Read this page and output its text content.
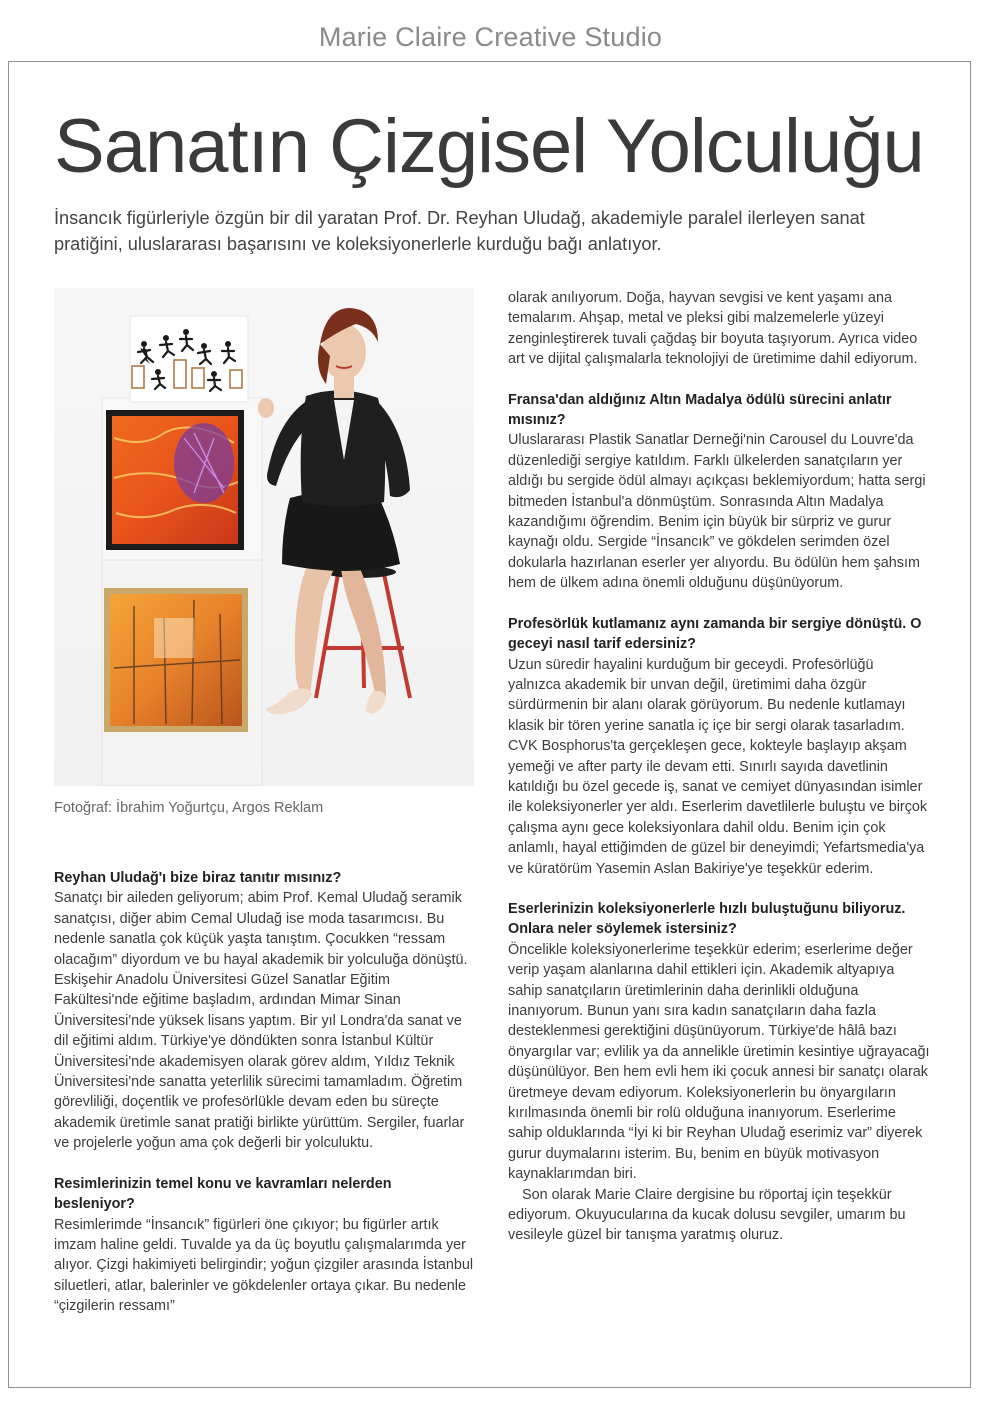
Marie Claire Creative Studio
Sanatın Çizgisel Yolculuğu

İnsancık figürleriyle özgün bir dil yaratan Prof. Dr. Reyhan Uludağ, akademiyle paralel ilerleyen sanat pratiğini, uluslararası başarısını ve koleksiyonerlerle kurduğu bağı anlatıyor.

Fotoğraf: İbrahim Yoğurtçu, Argos Reklam

Reyhan Uludağ'ı bize biraz tanıtır mısınız?

Sanatçı bir aileden geliyorum; abim Prof. Kemal Uludağ seramik sanatçısı, diğer abim Cemal Uludağ ise moda tasarımcısı. Bu nedenle sanatla çok küçük yaşta tanıştım. Çocukken “ressam olacağım” diyordum ve bu hayal akademik bir yolculuğa dönüştü. Eskişehir Anadolu Üniversitesi Güzel Sanatlar Eğitim Fakültesi'nde eğitime başladım, ardından Mimar Sinan Üniversitesi'nde yüksek lisans yaptım. Bir yıl Londra'da sanat ve dil eğitimi aldım. Türkiye'ye döndükten sonra İstanbul Kültür Üniversitesi'nde akademisyen olarak görev aldım, Yıldız Teknik Üniversitesi'nde sanatta yeterlilik sürecimi tamamladım. Öğretim görevliliği, doçentlik ve profesörlükle devam eden bu süreçte akademik üretimle sanat pratiği birlikte yürüttüm. Sergiler, fuarlar ve projelerle yoğun ama çok değerli bir yolculuktu.

Resimlerinizin temel konu ve kavramları nelerden besleniyor?

Resimlerimde “İnsancık” figürleri öne çıkıyor; bu figürler artık imzam haline geldi. Tuvalde ya da üç boyutlu çalışmalarımda yer alıyor. Çizgi hakimiyeti belirgindir; yoğun çizgiler arasında İstanbul siluetleri, atlar, balerinler ve gökdelenler ortaya çıkar. Bu nedenle “çizgilerin ressamı”

olarak anılıyorum. Doğa, hayvan sevgisi ve kent yaşamı ana temalarım. Ahşap, metal ve pleksi gibi malzemelerle yüzeyi zenginleştirerek tuvali çağdaş bir boyuta taşıyorum. Ayrıca video art ve dijital çalışmalarla teknolojiyi de üretimime dahil ediyorum.

Fransa'dan aldığınız Altın Madalya ödülü sürecini anlatır mısınız?

Uluslararası Plastik Sanatlar Derneği'nin Carousel du Louvre'da düzenlediği sergiye katıldım. Farklı ülkelerden sanatçıların yer aldığı bu sergide ödül almayı açıkçası beklemiyordum; hatta sergi bitmeden İstanbul'a dönmüştüm. Sonrasında Altın Madalya kazandığımı öğrendim. Benim için büyük bir sürpriz ve gurur kaynağı oldu. Sergide “İnsancık” ve gökdelen serimden özel dokularla hazırlanan eserler yer alıyordu. Bu ödülün hem şahsım hem de ülkem adına önemli olduğunu düşünüyorum.

Profesörlük kutlamanız aynı zamanda bir sergiye dönüştü. O geceyi nasıl tarif edersiniz?

Uzun süredir hayalini kurduğum bir geceydi. Profesörlüğü yalnızca akademik bir unvan değil, üretimimi daha özgür sürdürmenin bir alanı olarak görüyorum. Bu nedenle kutlamayı klasik bir tören yerine sanatla iç içe bir sergi olarak tasarladım. CVK Bosphorus'ta gerçekleşen gece, kokteyle başlayıp akşam yemeği ve after party ile devam etti. Sınırlı sayıda davetlinin katıldığı bu özel gecede iş, sanat ve cemiyet dünyasından isimler ile koleksiyonerler yer aldı. Eserlerim davetlilerle buluştu ve birçok çalışma aynı gece koleksiyonlara dahil oldu. Benim için çok anlamlı, hayal ettiğimden de güzel bir deneyimdi; Yefartsmedia'ya ve küratörüm Yasemin Aslan Bakiriye'ye teşekkür ederim.

Eserlerinizin koleksiyonerlerle hızlı buluştuğunu biliyoruz. Onlara neler söylemek istersiniz?

Öncelikle koleksiyonerlerime teşekkür ederim; eserlerime değer verip yaşam alanlarına dahil ettikleri için. Akademik altyapıya sahip sanatçıların üretimlerinin daha derinlikli olduğuna inanıyorum. Bunun yanı sıra kadın sanatçıların daha fazla desteklenmesi gerektiğini düşünüyorum. Türkiye'de hâlâ bazı önyargılar var; evlilik ya da annelikle üretimin kesintiye uğrayacağı düşünülüyor. Ben hem evli hem iki çocuk annesi bir sanatçı olarak üretmeye devam ediyorum. Koleksiyonerlerin bu önyargıların kırılmasında önemli bir rolü olduğuna inanıyorum. Eserlerime sahip olduklarında “İyi ki bir Reyhan Uludağ eserimiz var” diyerek gurur duymalarını isterim. Bu, benim en büyük motivasyon kaynaklarımdan biri.

Son olarak Marie Claire dergisine bu röportaj için teşekkür ediyorum. Okuyucularına da kucak dolusu sevgiler, umarım bu vesileyle güzel bir tanışma yaratmış oluruz.
